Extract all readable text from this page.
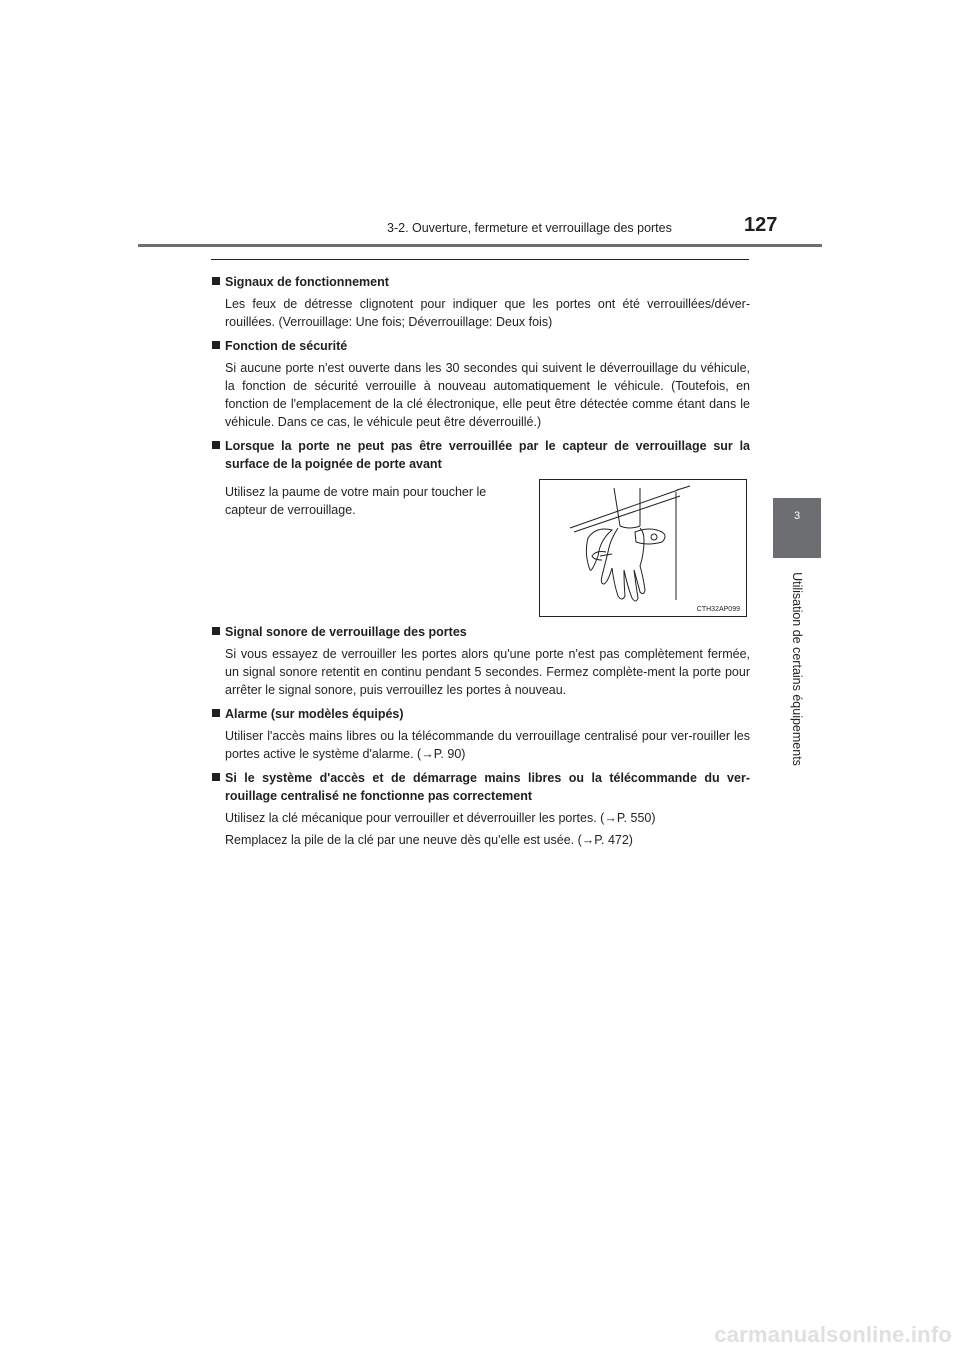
3-2. Ouverture, fermeture et verrouillage des portes	127
3
Utilisation de certains équipements
Signaux de fonctionnement

Les feux de détresse clignotent pour indiquer que les portes ont été verrouillées/déver-rouillées. (Verrouillage: Une fois; Déverrouillage: Deux fois)

Fonction de sécurité

Si aucune porte n'est ouverte dans les 30 secondes qui suivent le déverrouillage du véhicule, la fonction de sécurité verrouille à nouveau automatiquement le véhicule. (Toutefois, en fonction de l'emplacement de la clé électronique, elle peut être détectée comme étant dans le véhicule. Dans ce cas, le véhicule peut être déverrouillé.)

Lorsque la porte ne peut pas être verrouillée par le capteur de verrouillage sur la surface de la poignée de porte avant

Utilisez la paume de votre main pour toucher le capteur de verrouillage.

CTH32AP099
Signal sonore de verrouillage des portes

Si vous essayez de verrouiller les portes alors qu'une porte n'est pas complètement fermée, un signal sonore retentit en continu pendant 5 secondes. Fermez complète-ment la porte pour arrêter le signal sonore, puis verrouillez les portes à nouveau.

Alarme (sur modèles équipés)

Utiliser l'accès mains libres ou la télécommande du verrouillage centralisé pour ver-rouiller les portes active le système d'alarme. (→P. 90)

Si le système d'accès et de démarrage mains libres ou la télécommande du ver-rouillage centralisé ne fonctionne pas correctement

Utilisez la clé mécanique pour verrouiller et déverrouiller les portes. (→P. 550)

Remplacez la pile de la clé par une neuve dès qu'elle est usée. (→P. 472)

carmanualsonline.info
